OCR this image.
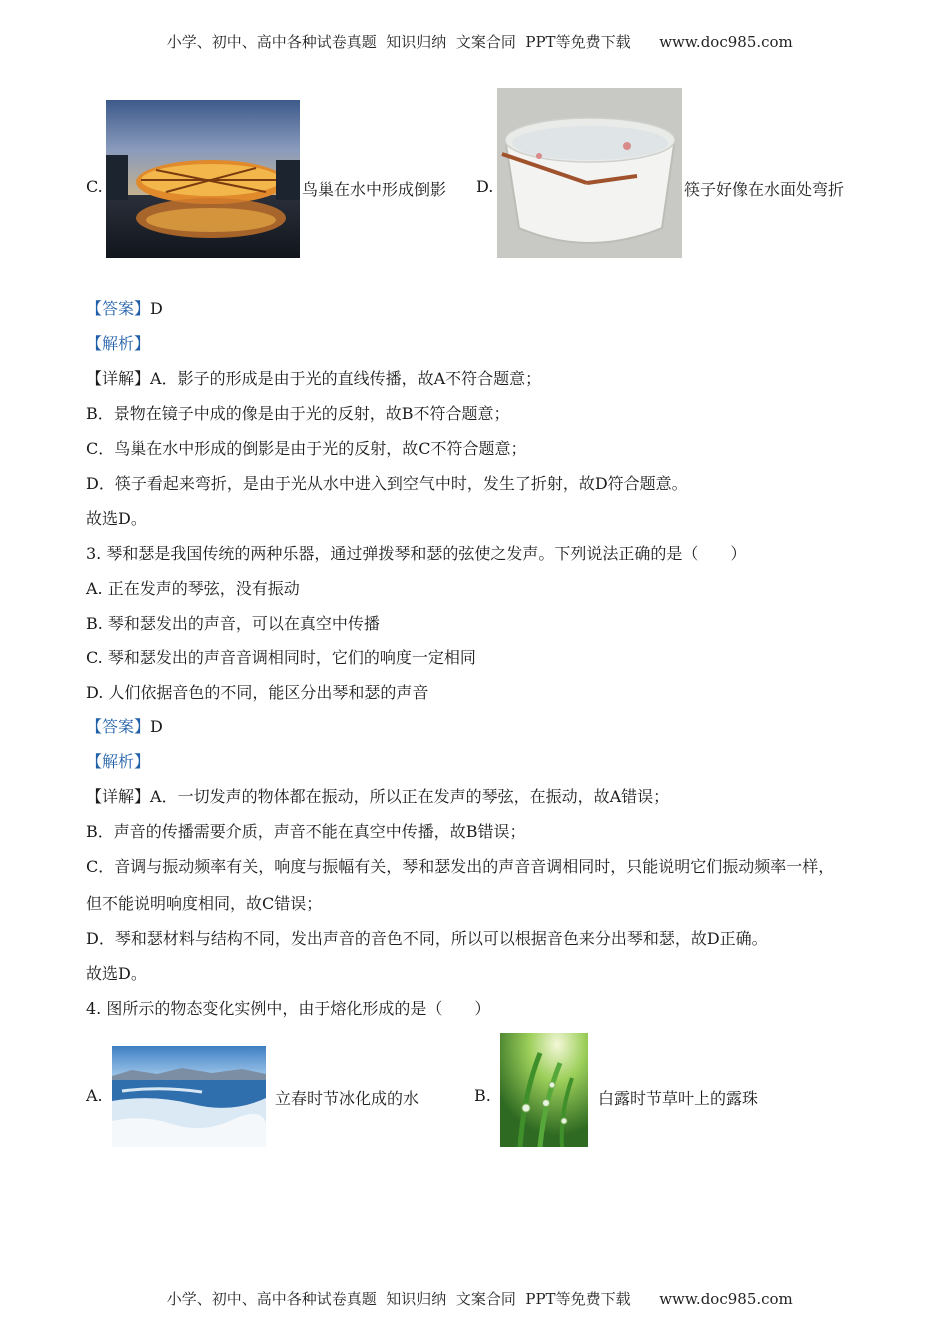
小学、初中、高中各种试卷真题  知识归纳  文案合同  PPT等免费下载 www.doc985.com

C.	鸟巢在水中形成倒影 D.	筷子好像在水面处弯折
【答案】D
【解析】
【详解】A．影子的形成是由于光的直线传播，故A不符合题意；
B．景物在镜子中成的像是由于光的反射，故B不符合题意；
C．鸟巢在水中形成的倒影是由于光的反射，故C不符合题意；
D．筷子看起来弯折，是由于光从水中进入到空气中时，发生了折射，故D符合题意。
故选D。
3. 琴和瑟是我国传统的两种乐器，通过弹拨琴和瑟的弦使之发声。下列说法正确的是（　　）
A. 正在发声的琴弦，没有振动
B. 琴和瑟发出的声音，可以在真空中传播
C. 琴和瑟发出的声音音调相同时，它们的响度一定相同
D. 人们依据音色的不同，能区分出琴和瑟的声音
【答案】D
【解析】
【详解】A．一切发声的物体都在振动，所以正在发声的琴弦，在振动，故A错误；
B．声音的传播需要介质，声音不能在真空中传播，故B错误；
C．音调与振动频率有关，响度与振幅有关，琴和瑟发出的声音音调相同时，只能说明它们振动频率一样，
但不能说明响度相同，故C错误；
D．琴和瑟材料与结构不同，发出声音的音色不同，所以可以根据音色来分出琴和瑟，故D正确。
故选D。
4. 图所示的物态变化实例中，由于熔化形成的是（　　）
A.	立春时节冰化成的水	B.	白露时节草叶上的露珠

小学、初中、高中各种试卷真题  知识归纳  文案合同  PPT等免费下载 www.doc985.com
